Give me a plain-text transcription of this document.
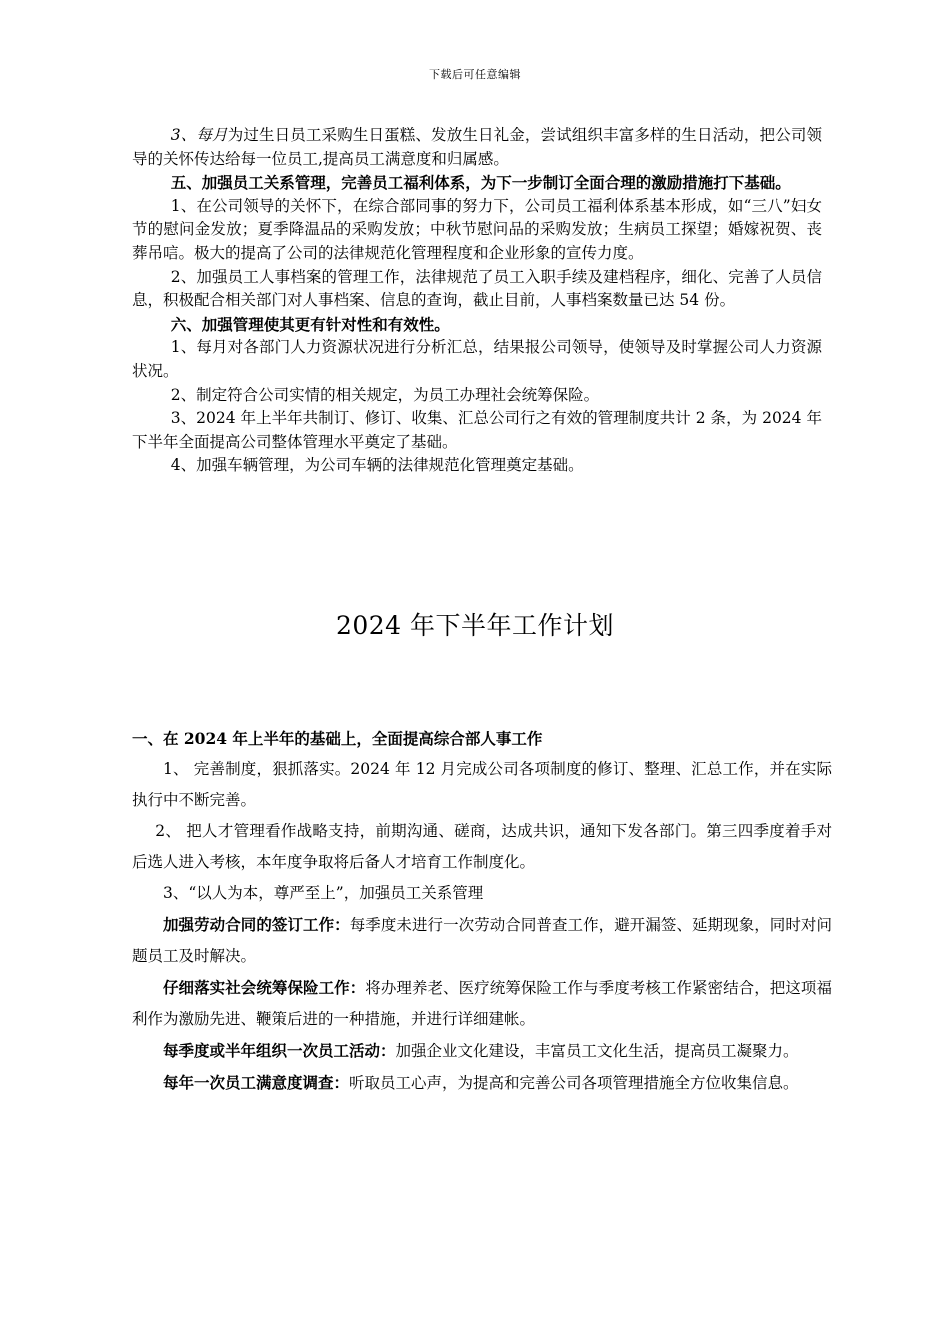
下载后可任意编辑

3、每月为过生日员工采购生日蛋糕、发放生日礼金，尝试组织丰富多样的生日活动，把公司领导的关怀传达给每一位员工,提高员工满意度和归属感。

五、加强员工关系管理，完善员工福利体系，为下一步制订全面合理的激励措施打下基础。

1、在公司领导的关怀下，在综合部同事的努力下，公司员工福利体系基本形成，如“三八”妇女节的慰问金发放；夏季降温品的采购发放；中秋节慰问品的采购发放；生病员工探望；婚嫁祝贺、丧葬吊唁。极大的提高了公司的法律规范化管理程度和企业形象的宣传力度。

2、加强员工人事档案的管理工作，法律规范了员工入职手续及建档程序，细化、完善了人员信息，积极配合相关部门对人事档案、信息的查询，截止目前，人事档案数量已达 54 份。

六、加强管理使其更有针对性和有效性。

1、每月对各部门人力资源状况进行分析汇总，结果报公司领导，使领导及时掌握公司人力资源状况。

2、制定符合公司实情的相关规定，为员工办理社会统筹保险。

3、2024 年上半年共制订、修订、收集、汇总公司行之有效的管理制度共计 2 条，为 2024 年下半年全面提高公司整体管理水平奠定了基础。

4、加强车辆管理，为公司车辆的法律规范化管理奠定基础。

2024 年下半年工作计划

一、在 2024 年上半年的基础上，全面提高综合部人事工作

1、 完善制度，狠抓落实。2024 年 12 月完成公司各项制度的修订、整理、汇总工作，并在实际执行中不断完善。

2、 把人才管理看作战略支持，前期沟通、磋商，达成共识，通知下发各部门。第三四季度着手对后选人进入考核，本年度争取将后备人才培育工作制度化。

3、“以人为本，尊严至上”，加强员工关系管理

加强劳动合同的签订工作：每季度未进行一次劳动合同普查工作，避开漏签、延期现象，同时对问题员工及时解决。

仔细落实社会统筹保险工作：将办理养老、医疗统筹保险工作与季度考核工作紧密结合，把这项福利作为激励先进、鞭策后进的一种措施，并进行详细建帐。

每季度或半年组织一次员工活动：加强企业文化建设，丰富员工文化生活，提高员工凝聚力。

每年一次员工满意度调查：听取员工心声，为提高和完善公司各项管理措施全方位收集信息。
